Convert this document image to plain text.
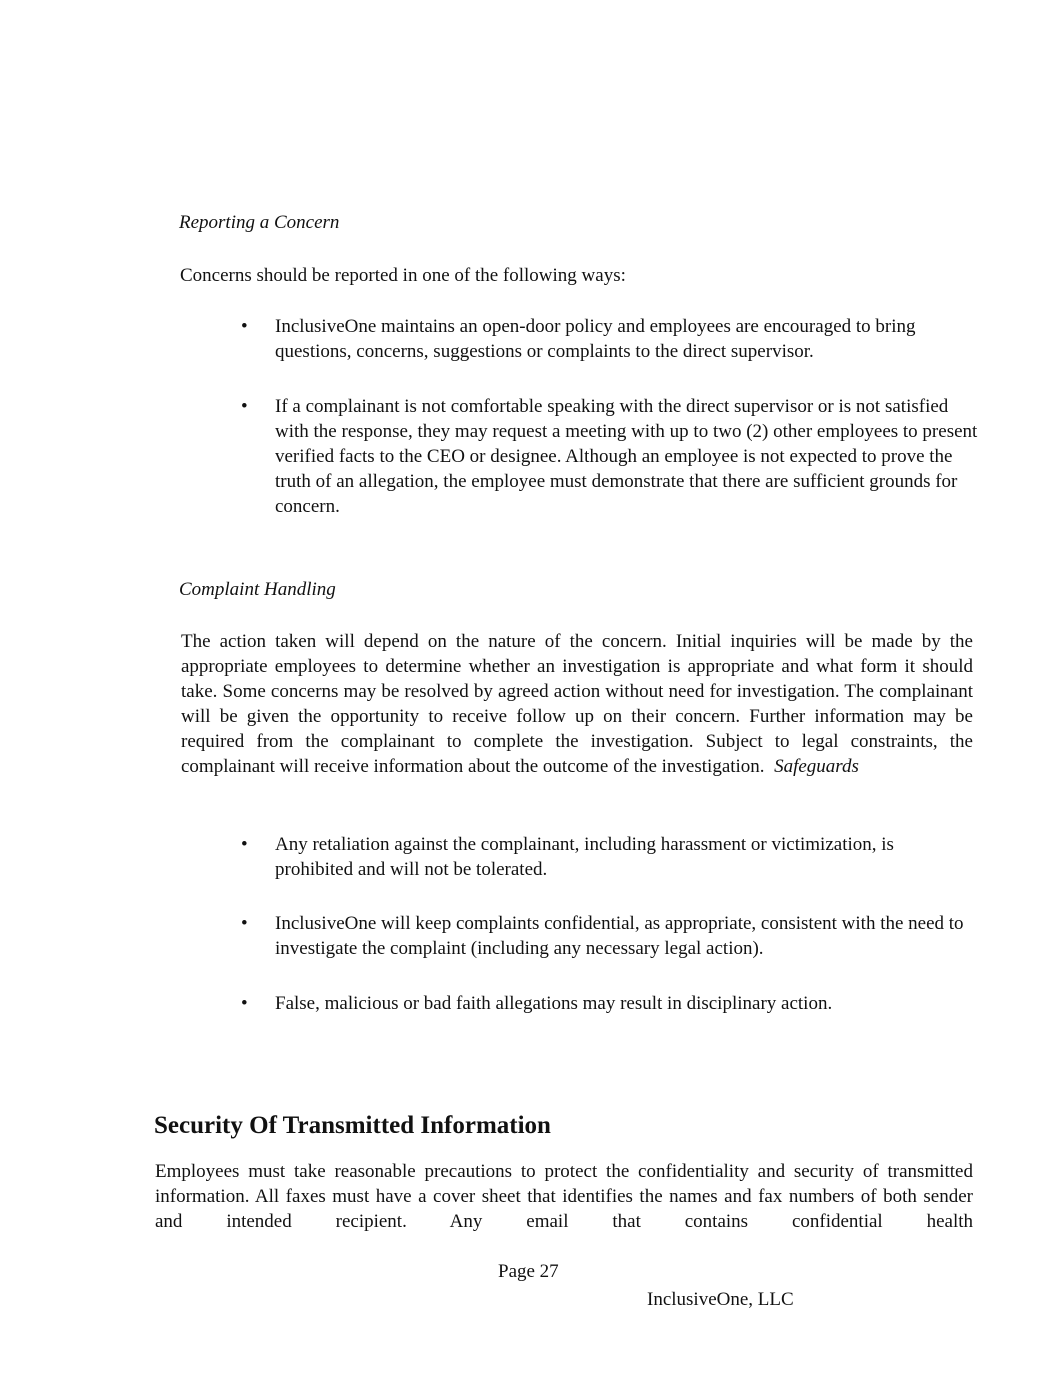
Reporting a Concern

Concerns should be reported in one of the following ways:

• InclusiveOne maintains an open-door policy and employees are encouraged to bring questions, concerns, suggestions or complaints to the direct supervisor.
• If a complainant is not comfortable speaking with the direct supervisor or is not satisfied with the response, they may request a meeting with up to two (2) other employees to present verified facts to the CEO or designee. Although an employee is not expected to prove the truth of an allegation, the employee must demonstrate that there are sufficient grounds for concern.

Complaint Handling

The action taken will depend on the nature of the concern. Initial inquiries will be made by the appropriate employees to determine whether an investigation is appropriate and what form it should take. Some concerns may be resolved by agreed action without need for investigation. The complainant will be given the opportunity to receive follow up on their concern. Further information may be required from the complainant to complete the investigation. Subject to legal constraints, the complainant will receive information about the outcome of the investigation. Safeguards

• Any retaliation against the complainant, including harassment or victimization, is prohibited and will not be tolerated.
• InclusiveOne will keep complaints confidential, as appropriate, consistent with the need to investigate the complaint (including any necessary legal action).
• False, malicious or bad faith allegations may result in disciplinary action.
Security Of Transmitted Information

Employees must take reasonable precautions to protect the confidentiality and security of transmitted information. All faxes must have a cover sheet that identifies the names and fax numbers of both sender and intended recipient. Any email that contains confidential health

Page 27

InclusiveOne, LLC
